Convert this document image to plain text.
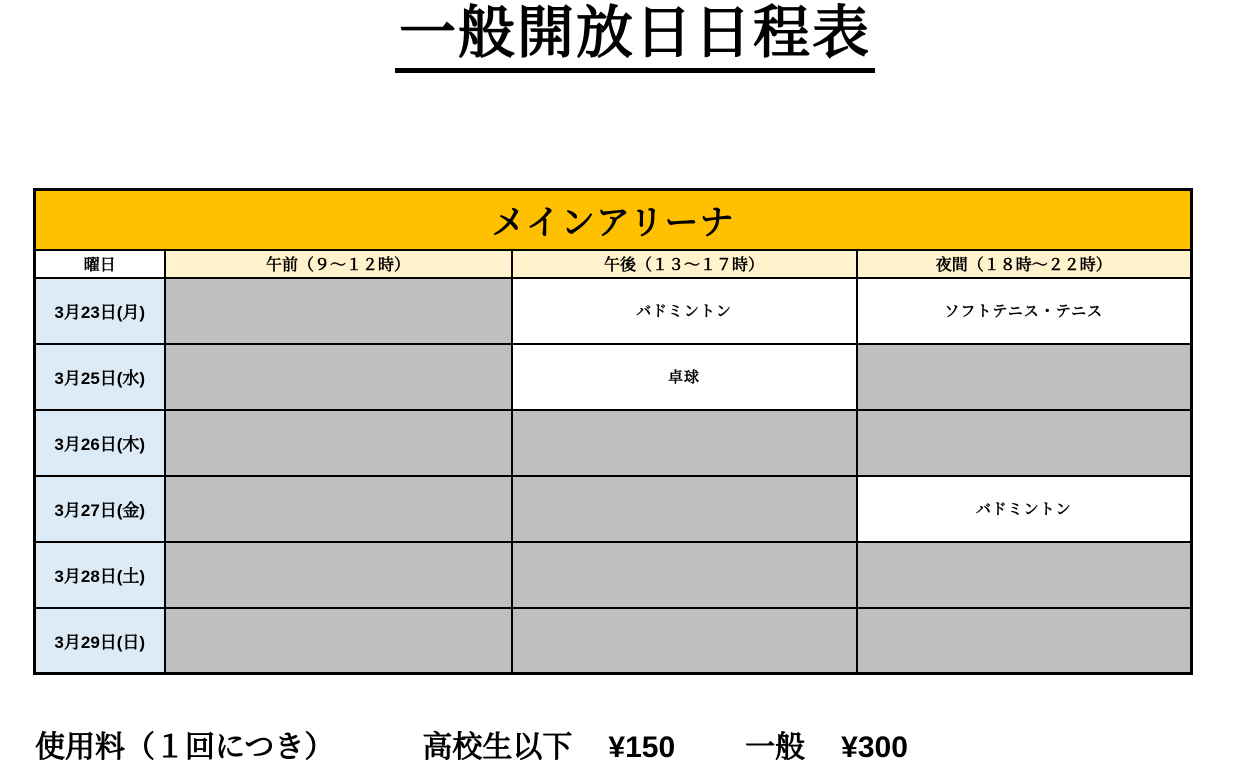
一般開放日日程表
メインアリーナ			
曜日	午前（９～１２時）	午後（１３～１７時）	夜間（１８時～２２時）
3月23日(月)		バドミントン	ソフトテニス・テニス
3月25日(水)		卓球	
3月26日(木)			
3月27日(金)			バドミントン
3月28日(土)			
3月29日(日)			
使用料（１回につき）	高校生以下 ¥150 一般 ¥300
